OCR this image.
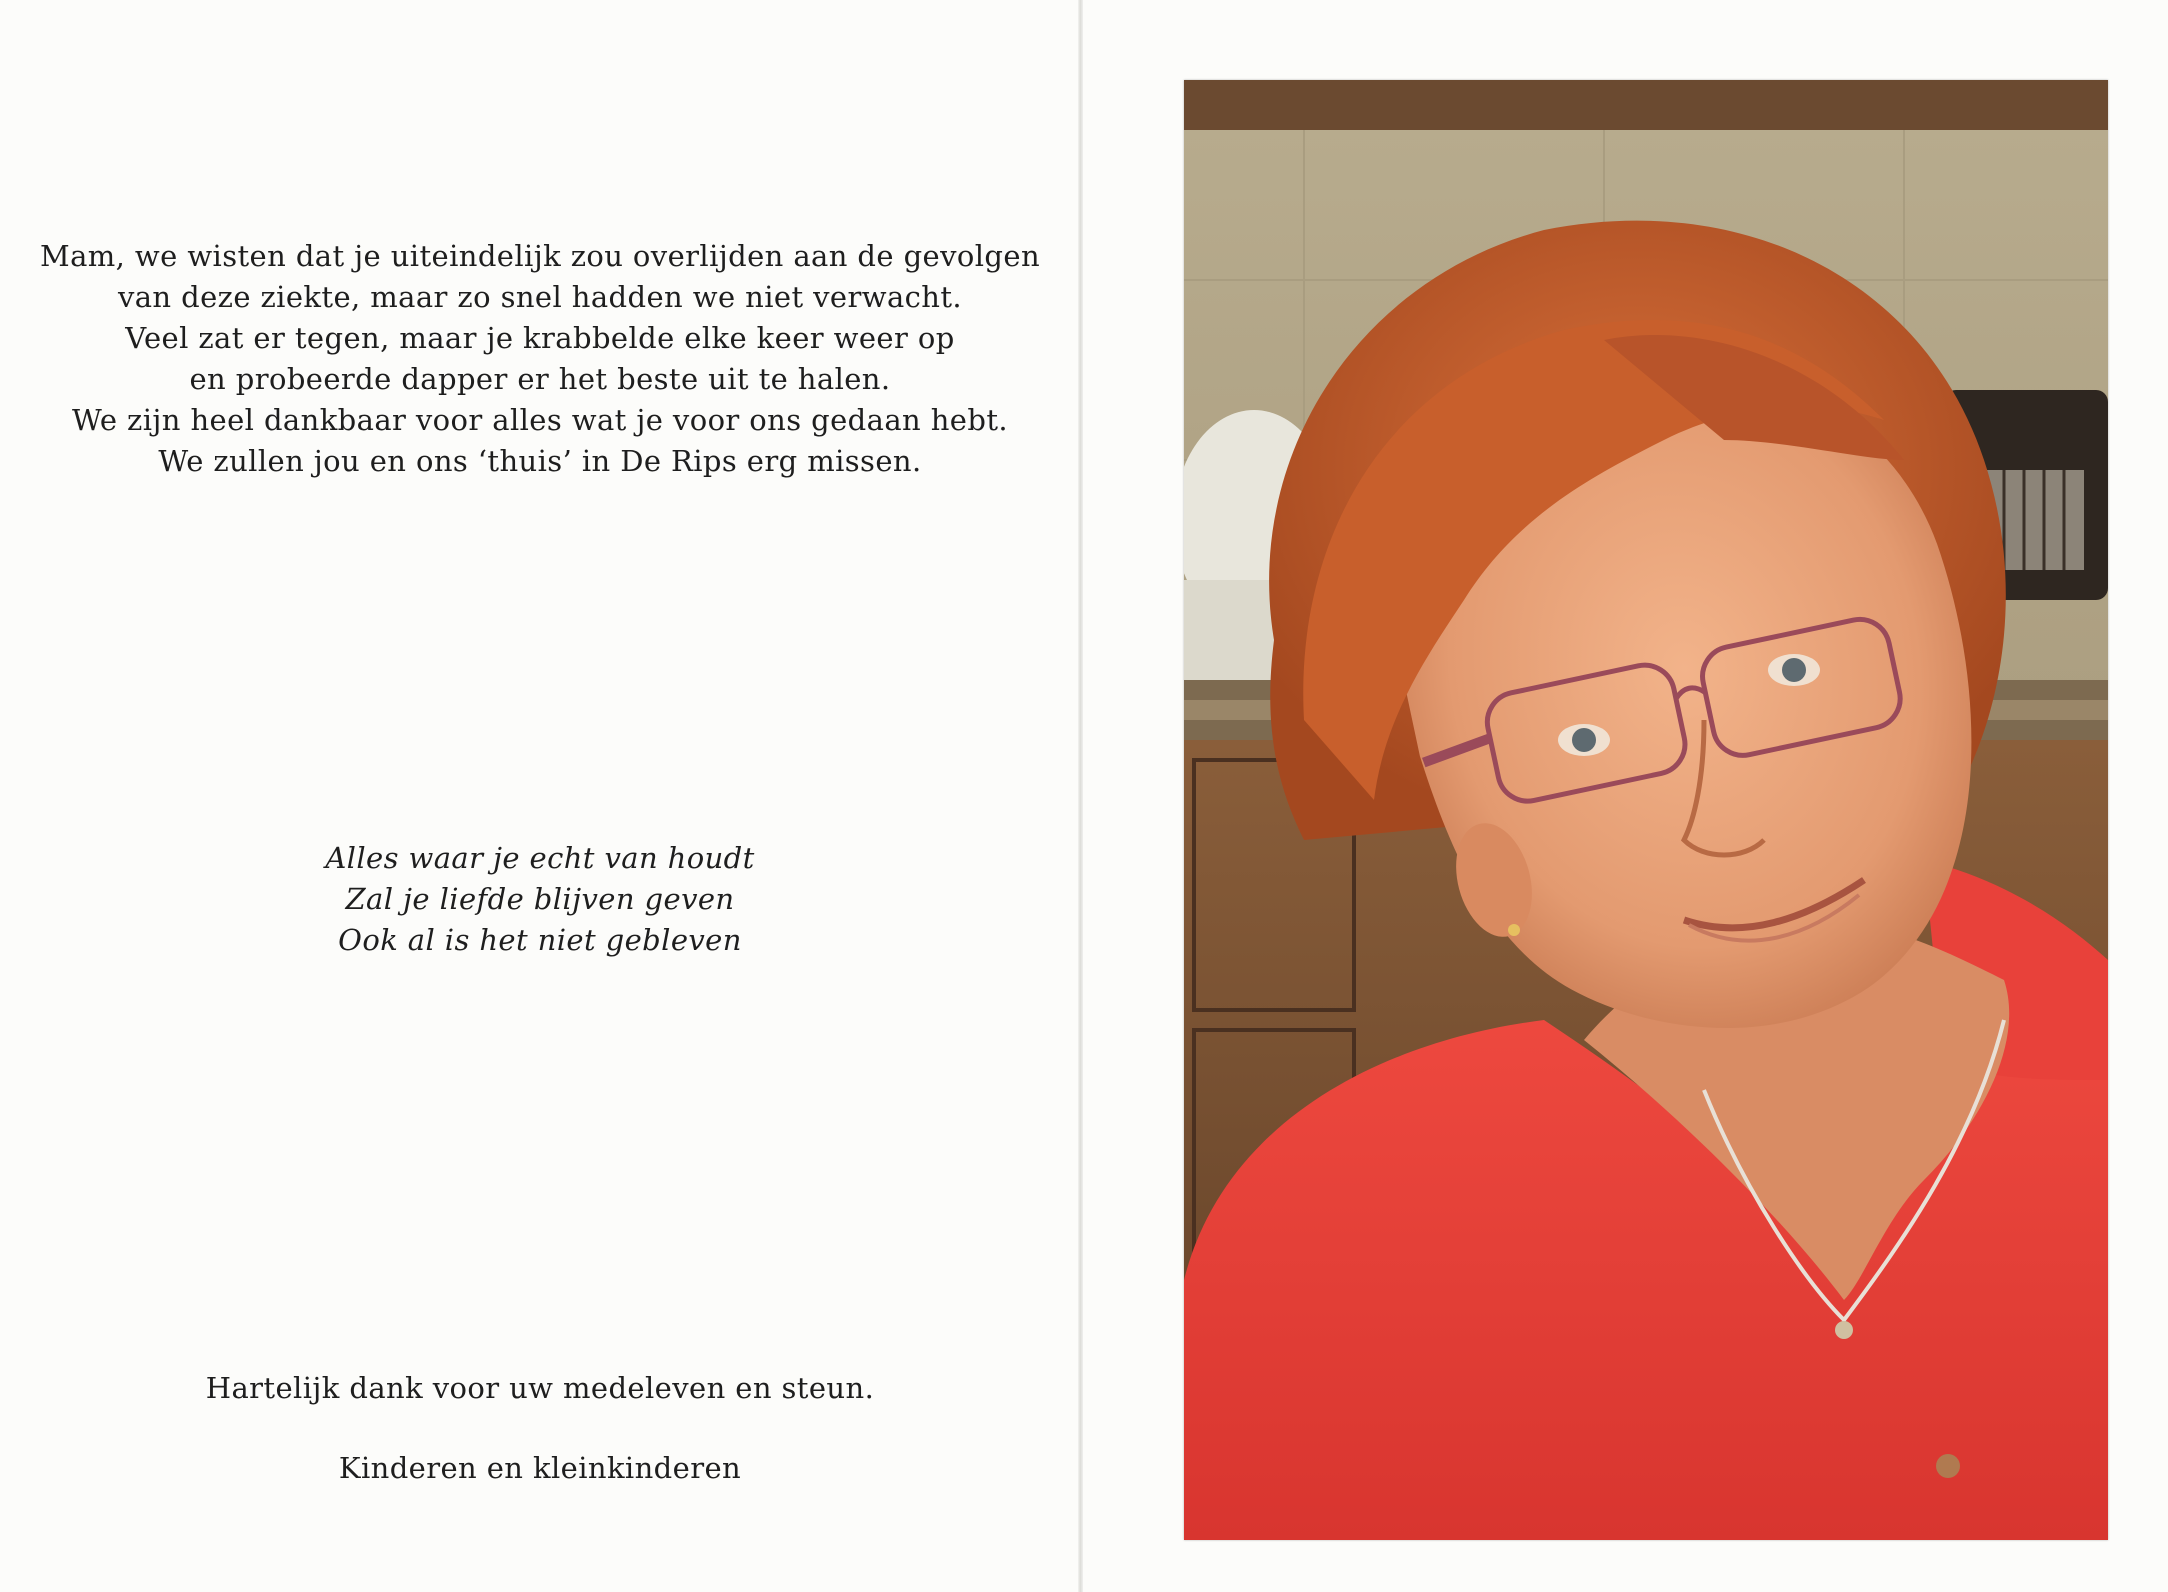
Mam, we wisten dat je uiteindelijk zou overlijden aan de gevolgen
van deze ziekte, maar zo snel hadden we niet verwacht.
Veel zat er tegen, maar je krabbelde elke keer weer op
en probeerde dapper er het beste uit te halen.
We zijn heel dankbaar voor alles wat je voor ons gedaan hebt.
We zullen jou en ons ‘thuis’ in De Rips erg missen.
Alles waar je echt van houdt
Zal je liefde blijven geven
Ook al is het niet gebleven
Hartelijk dank voor uw medeleven en steun.
Kinderen en kleinkinderen
